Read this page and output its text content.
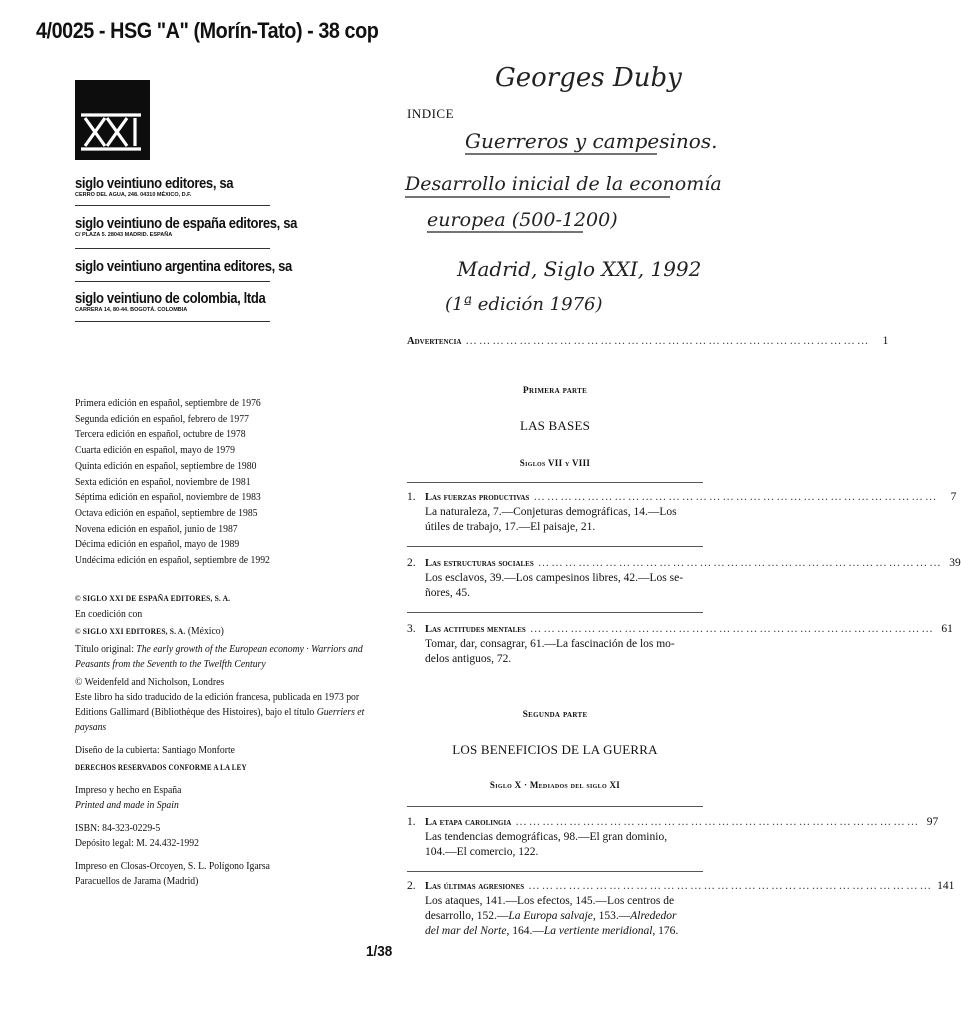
4/0025 - HSG "A" (Morín-Tato) - 38 cop
siglo veintiuno editores, sa
CERRO DEL AGUA, 248. 04310 MÉXICO, D.F.
siglo veintiuno de españa editores, sa
C/ PLAZA 5. 28043 MADRID. ESPAÑA
siglo veintiuno argentina editores, sa
siglo veintiuno de colombia, ltda
CARRERA 14, 80-44. BOGOTÁ. COLOMBIA
Primera edición en español, septiembre de 1976
Segunda edición en español, febrero de 1977
Tercera edición en español, octubre de 1978
Cuarta edición en español, mayo de 1979
Quinta edición en español, septiembre de 1980
Sexta edición en español, noviembre de 1981
Séptima edición en español, noviembre de 1983
Octava edición en español, septiembre de 1985
Novena edición en español, junio de 1987
Décima edición en español, mayo de 1989
Undécima edición en español, septiembre de 1992
© SIGLO XXI DE ESPAÑA EDITORES, S. A.
En coedición con
© SIGLO XXI EDITORES, S. A. (México)
Título original: The early growth of the European economy · Warriors and
Peasants from the Seventh to the Twelfth Century
© Weidenfeld and Nicholson, Londres
Este libro ha sido traducido de la edición francesa, publicada en 1973 por
Editions Gallimard (Bibliothèque des Histoires), bajo el título Guerriers et
paysans
Diseño de la cubierta: Santiago Monforte
DERECHOS RESERVADOS CONFORME A LA LEY
Impreso y hecho en España
Printed and made in Spain
ISBN: 84-323-0229-5
Depósito legal: M. 24.432-1992
Impreso en Closas-Orcoyen, S. L. Polígono Igarsa
Paracuellos de Jarama (Madrid)
Georges Duby
Guerreros y campesinos.
Desarrollo inicial de la economía
europea (500-1200)
Madrid, Siglo XXI, 1992
(1ª edición 1976)
INDICE
Advertencia ………………………………………………………………………………	1
Primera parte
LAS BASES
Siglos VII y VIII
1. Las fuerzas productivas ………………………………………………………………………………	7
La naturaleza, 7.—Conjeturas demográficas, 14.—Los
útiles de trabajo, 17.—El paisaje, 21.
2. Las estructuras sociales ……………………………………………………………………………… 39
Los esclavos, 39.—Los campesinos libres, 42.—Los se-
ñores, 45.
3. Las actitudes mentales ……………………………………………………………………………… 61
Tomar, dar, consagrar, 61.—La fascinación de los mo-
delos antiguos, 72.
Segunda parte
LOS BENEFICIOS DE LA GUERRA
Siglo X · Mediados del siglo XI
1. La etapa carolingia ……………………………………………………………………………… 97
Las tendencias demográficas, 98.—El gran dominio,
104.—El comercio, 122.
2. Las últimas agresiones ……………………………………………………………………………… 141
Los ataques, 141.—Los efectos, 145.—Los centros de
desarrollo, 152.—La Europa salvaje, 153.—Alrededor
del mar del Norte, 164.—La vertiente meridional, 176.
1/38
